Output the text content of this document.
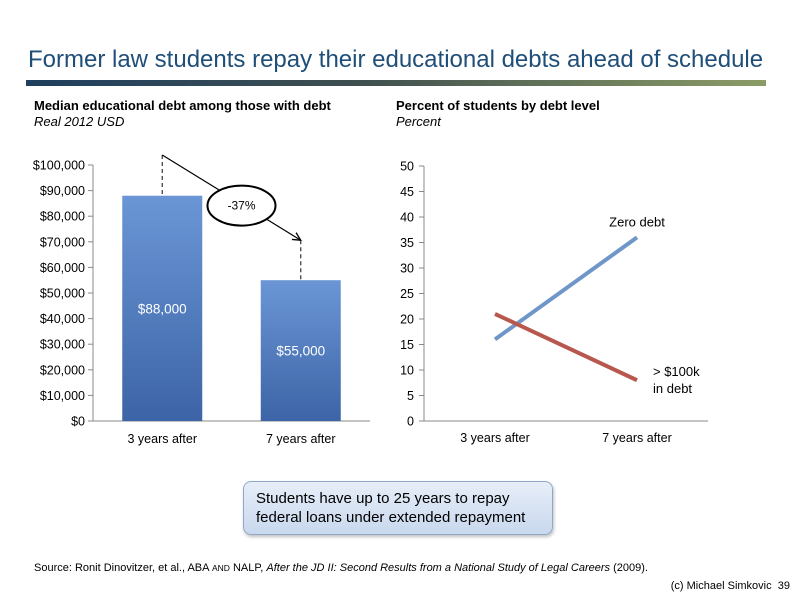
Former law students repay their educational debts ahead of schedule
Median educational debt among those with debt
Real 2012 USD
Percent of students by debt level
Percent
$0
$10,000
$20,000
$30,000
$40,000
$50,000
$60,000
$70,000
$80,000
$90,000
$100,000
$88,000
3 years after
$55,000
7 years after
-37%
0
5
10
15
20
25
30
35
40
45
50
3 years after	7 years after
Zero debt
> $100k in debt
Students have up to 25 years to repay federal loans under extended repayment
Source: Ronit Dinovitzer, et al., ABA AND NALP, After the JD II: Second Results from a National Study of Legal Careers (2009).
(c) Michael Simkovic 39
